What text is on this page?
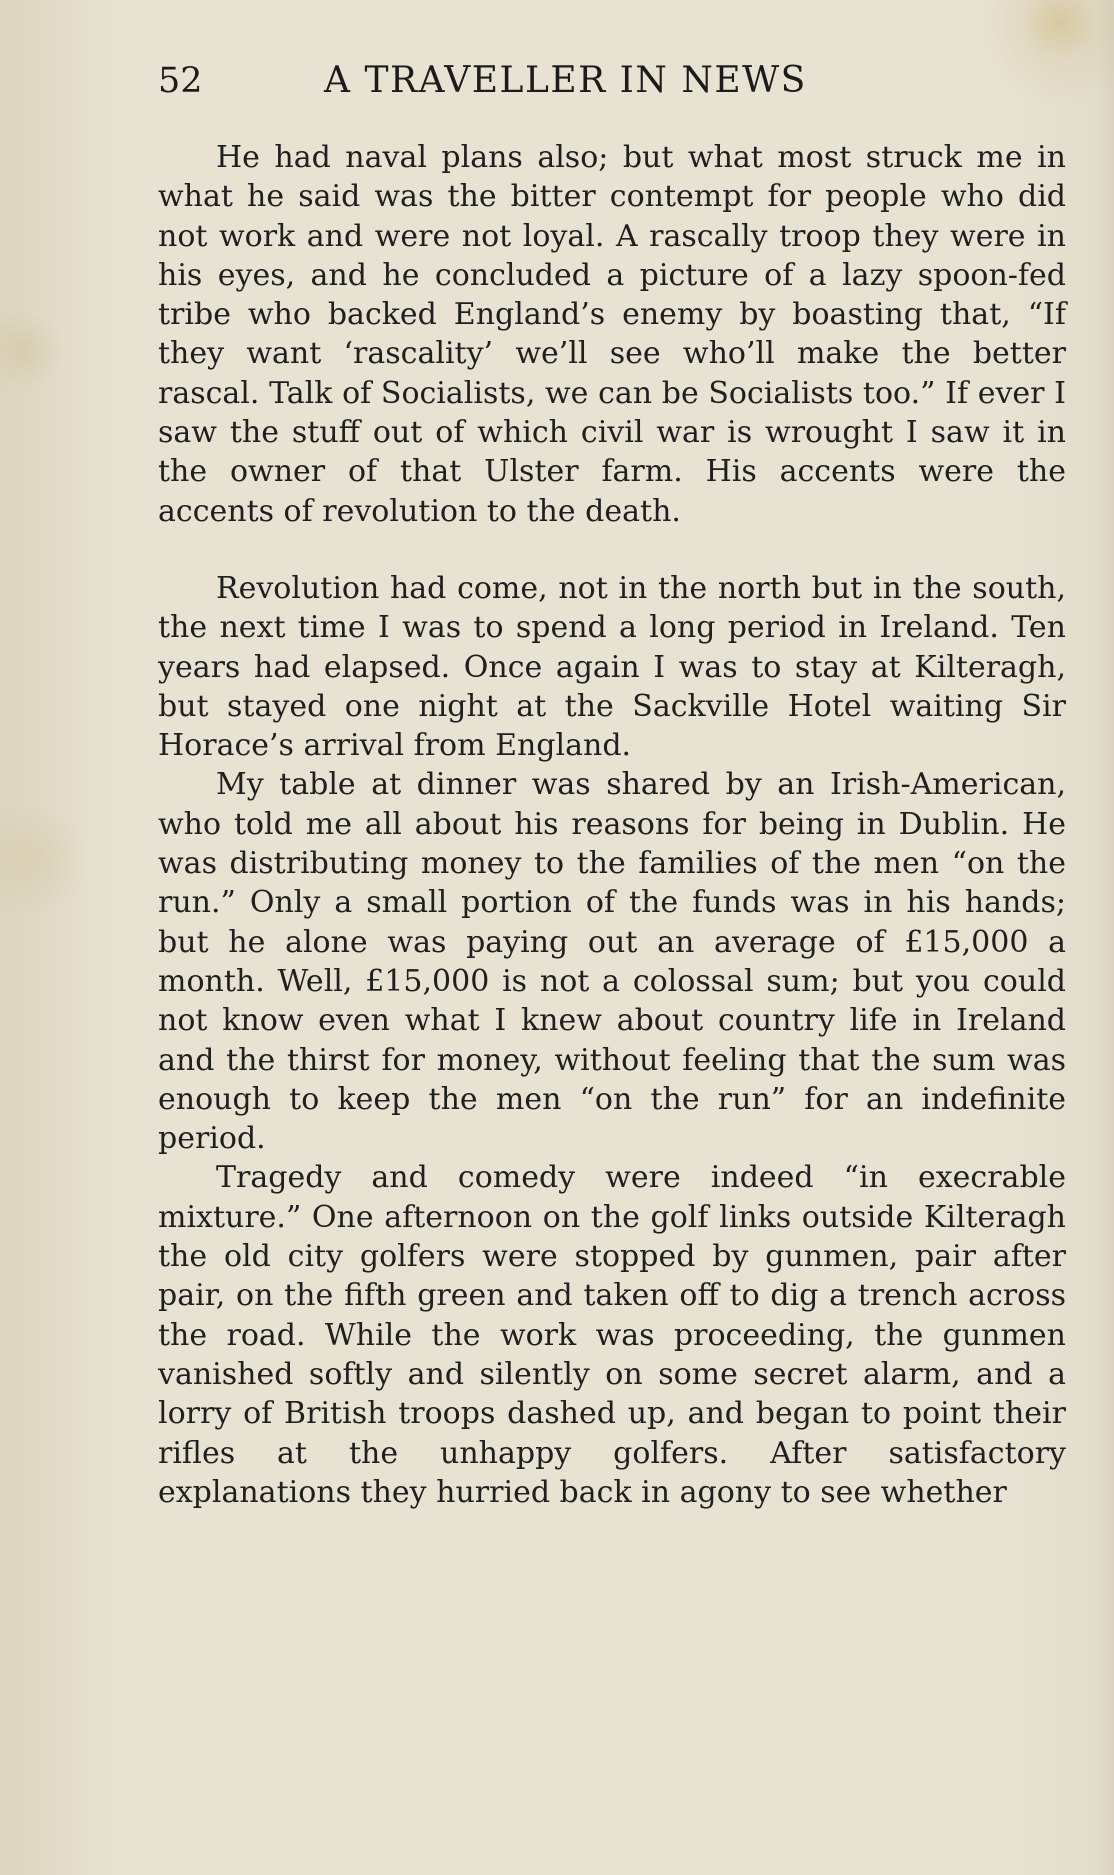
52	A TRAVELLER IN NEWS

He had naval plans also; but what most struck me in what he said was the bitter contempt for people who did not work and were not loyal. A rascally troop they were in his eyes, and he concluded a picture of a lazy spoon-fed tribe who backed England’s enemy by boasting that, “If they want ‘rascality’ we’ll see who’ll make the better rascal. Talk of Socialists, we can be Socialists too.” If ever I saw the stuff out of which civil war is wrought I saw it in the owner of that Ulster farm. His accents were the accents of revolution to the death.

Revolution had come, not in the north but in the south, the next time I was to spend a long period in Ireland. Ten years had elapsed. Once again I was to stay at Kilteragh, but stayed one night at the Sackville Hotel waiting Sir Horace’s arrival from England.

My table at dinner was shared by an Irish-American, who told me all about his reasons for being in Dublin. He was distributing money to the families of the men “on the run.” Only a small portion of the funds was in his hands; but he alone was paying out an average of £15,000 a month. Well, £15,000 is not a colossal sum; but you could not know even what I knew about country life in Ireland and the thirst for money, without feeling that the sum was enough to keep the men “on the run” for an indefinite period.

Tragedy and comedy were indeed “in execrable mixture.” One afternoon on the golf links outside Kilteragh the old city golfers were stopped by gunmen, pair after pair, on the fifth green and taken off to dig a trench across the road. While the work was proceeding, the gunmen vanished softly and silently on some secret alarm, and a lorry of British troops dashed up, and began to point their rifles at the unhappy golfers. After satisfactory explanations they hurried back in agony to see whether
